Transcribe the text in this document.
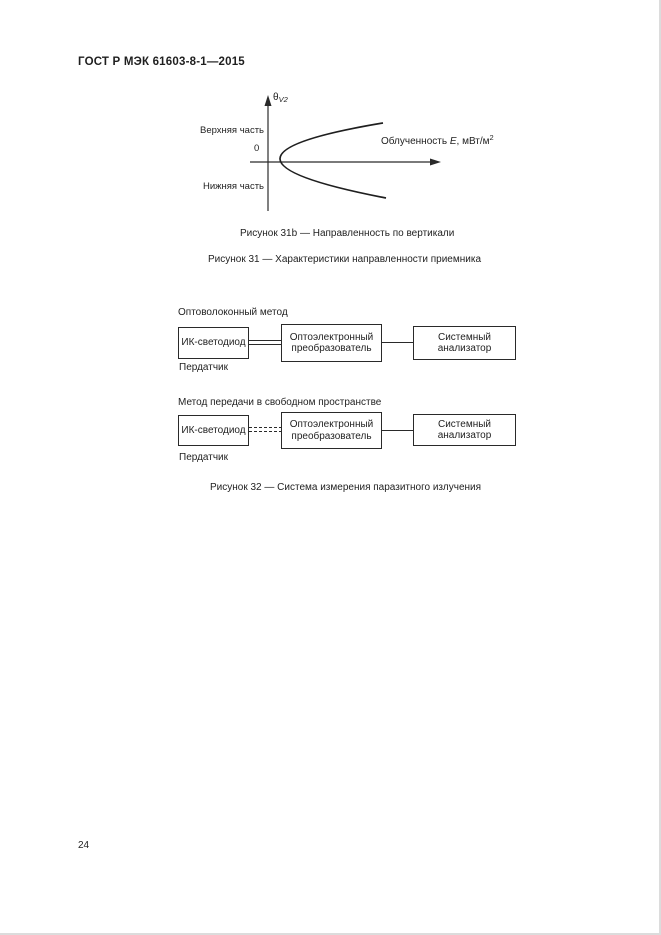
ГОСТ Р МЭК 61603-8-1—2015
$\theta_{V2}$
Верхняя часть
0
Нижняя часть
Облученность E, мВт/$м^2$
Рисунок 31b — Направленность по вертикали
Рисунок 31 — Характеристики направленности приемника
Оптоволоконный метод
ИК-светодиод
Оптоэлектронный
преобразователь
Системный
анализатор
Пердатчик
Метод передачи в свободном пространстве
ИК-светодиод
Оптоэлектронный
преобразователь
Системный
анализатор
Пердатчик
Рисунок 32 — Система измерения паразитного излучения
24
